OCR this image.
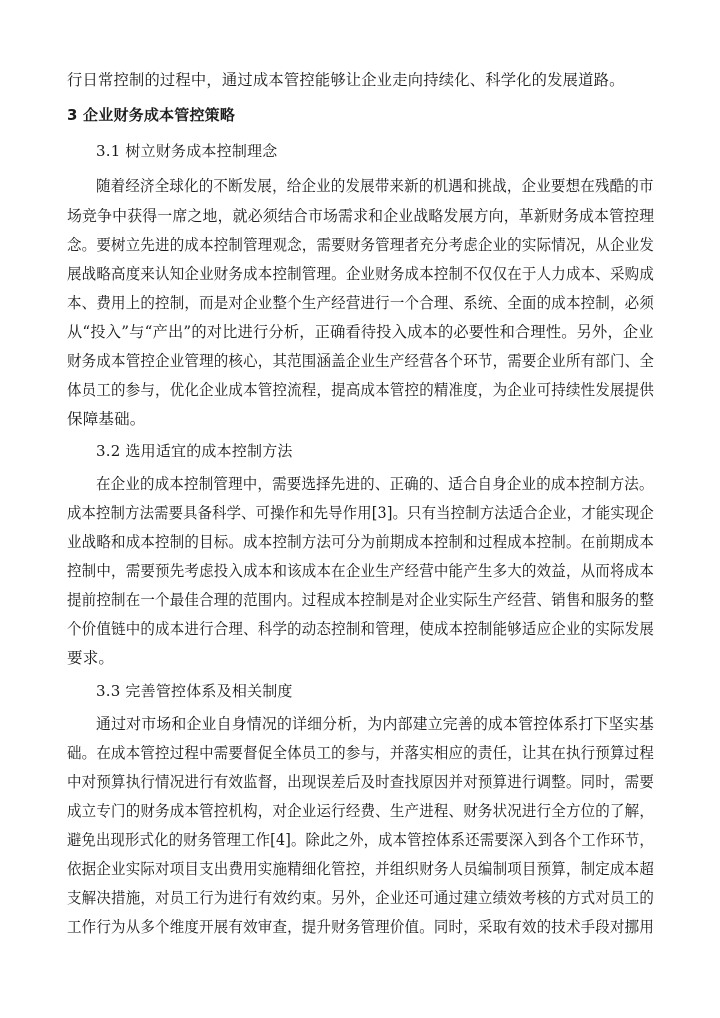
行日常控制的过程中，通过成本管控能够让企业走向持续化、科学化的发展道路。
3 企业财务成本管控策略
3.1 树立财务成本控制理念
随着经济全球化的不断发展，给企业的发展带来新的机遇和挑战，企业要想在残酷的市
场竞争中获得一席之地，就必须结合市场需求和企业战略发展方向，革新财务成本管控理
念。要树立先进的成本控制管理观念，需要财务管理者充分考虑企业的实际情况，从企业发
展战略高度来认知企业财务成本控制管理。企业财务成本控制不仅仅在于人力成本、采购成
本、费用上的控制，而是对企业整个生产经营进行一个合理、系统、全面的成本控制，必须
从“投入”与“产出”的对比进行分析，正确看待投入成本的必要性和合理性。另外，企业
财务成本管控企业管理的核心，其范围涵盖企业生产经营各个环节，需要企业所有部门、全
体员工的参与，优化企业成本管控流程，提高成本管控的精准度，为企业可持续性发展提供
保障基础。
3.2 选用适宜的成本控制方法
在企业的成本控制管理中，需要选择先进的、正确的、适合自身企业的成本控制方法。
成本控制方法需要具备科学、可操作和先导作用[3]。只有当控制方法适合企业，才能实现企
业战略和成本控制的目标。成本控制方法可分为前期成本控制和过程成本控制。在前期成本
控制中，需要预先考虑投入成本和该成本在企业生产经营中能产生多大的效益，从而将成本
提前控制在一个最佳合理的范围内。过程成本控制是对企业实际生产经营、销售和服务的整
个价值链中的成本进行合理、科学的动态控制和管理，使成本控制能够适应企业的实际发展
要求。
3.3 完善管控体系及相关制度
通过对市场和企业自身情况的详细分析，为内部建立完善的成本管控体系打下坚实基
础。在成本管控过程中需要督促全体员工的参与，并落实相应的责任，让其在执行预算过程
中对预算执行情况进行有效监督，出现误差后及时查找原因并对预算进行调整。同时，需要
成立专门的财务成本管控机构，对企业运行经费、生产进程、财务状况进行全方位的了解，
避免出现形式化的财务管理工作[4]。除此之外，成本管控体系还需要深入到各个工作环节，
依据企业实际对项目支出费用实施精细化管控，并组织财务人员编制项目预算，制定成本超
支解决措施，对员工行为进行有效约束。另外，企业还可通过建立绩效考核的方式对员工的
工作行为从多个维度开展有效审查，提升财务管理价值。同时，采取有效的技术手段对挪用
